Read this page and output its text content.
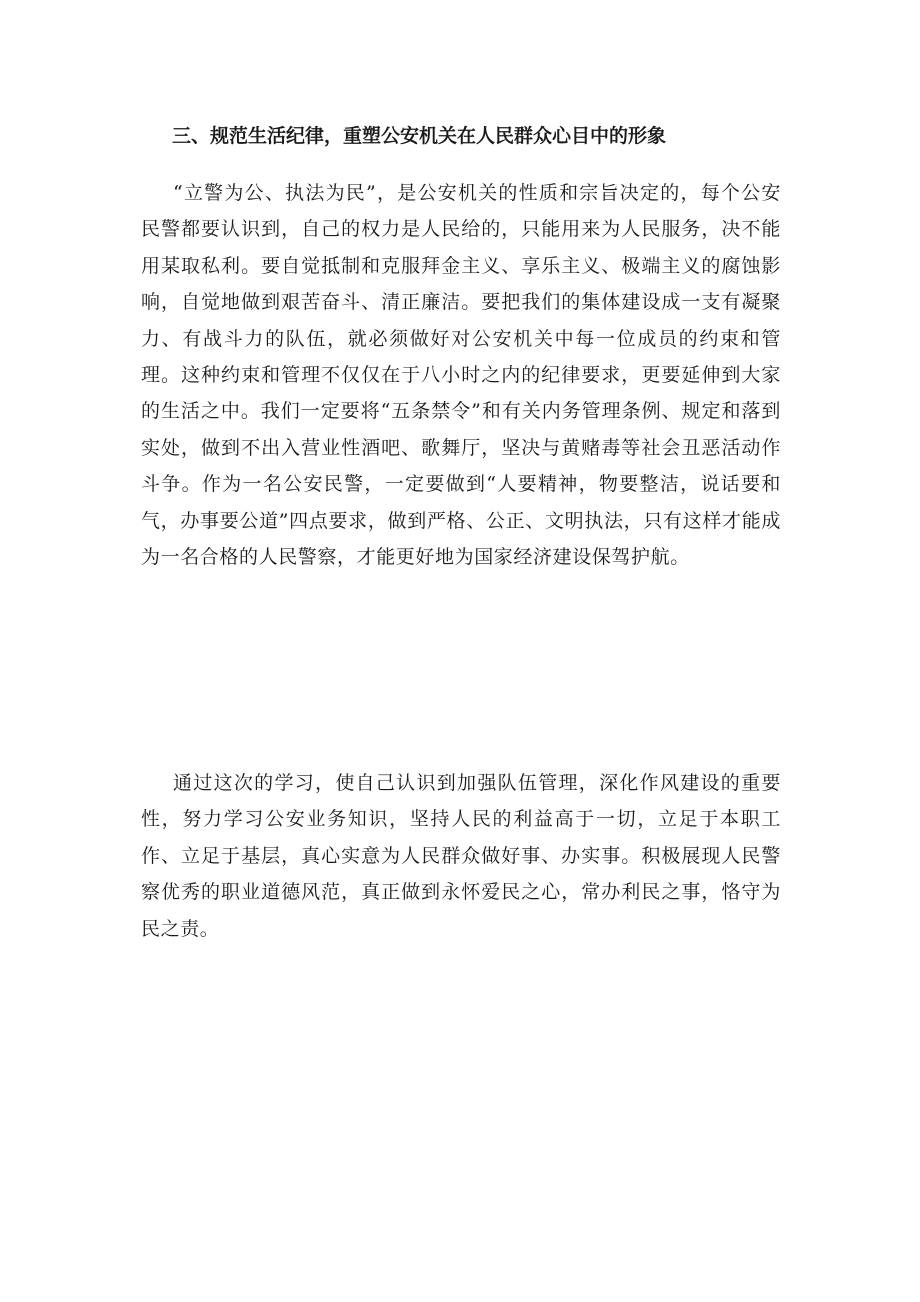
三、规范生活纪律，重塑公安机关在人民群众心目中的形象

“立警为公、执法为民”，是公安机关的性质和宗旨决定的，每个公安民警都要认识到，自己的权力是人民给的，只能用来为人民服务，决不能用某取私利。要自觉抵制和克服拜金主义、享乐主义、极端主义的腐蚀影响，自觉地做到艰苦奋斗、清正廉洁。要把我们的集体建设成一支有凝聚力、有战斗力的队伍，就必须做好对公安机关中每一位成员的约束和管理。这种约束和管理不仅仅在于八小时之内的纪律要求，更要延伸到大家的生活之中。我们一定要将“五条禁令”和有关内务管理条例、规定和落到实处，做到不出入营业性酒吧、歌舞厅，坚决与黄赌毒等社会丑恶活动作斗争。作为一名公安民警，一定要做到“人要精神，物要整洁，说话要和气，办事要公道”四点要求，做到严格、公正、文明执法，只有这样才能成为一名合格的人民警察，才能更好地为国家经济建设保驾护航。

通过这次的学习，使自己认识到加强队伍管理，深化作风建设的重要性，努力学习公安业务知识，坚持人民的利益高于一切，立足于本职工作、立足于基层，真心实意为人民群众做好事、办实事。积极展现人民警察优秀的职业道德风范，真正做到永怀爱民之心，常办利民之事，恪守为民之责。
